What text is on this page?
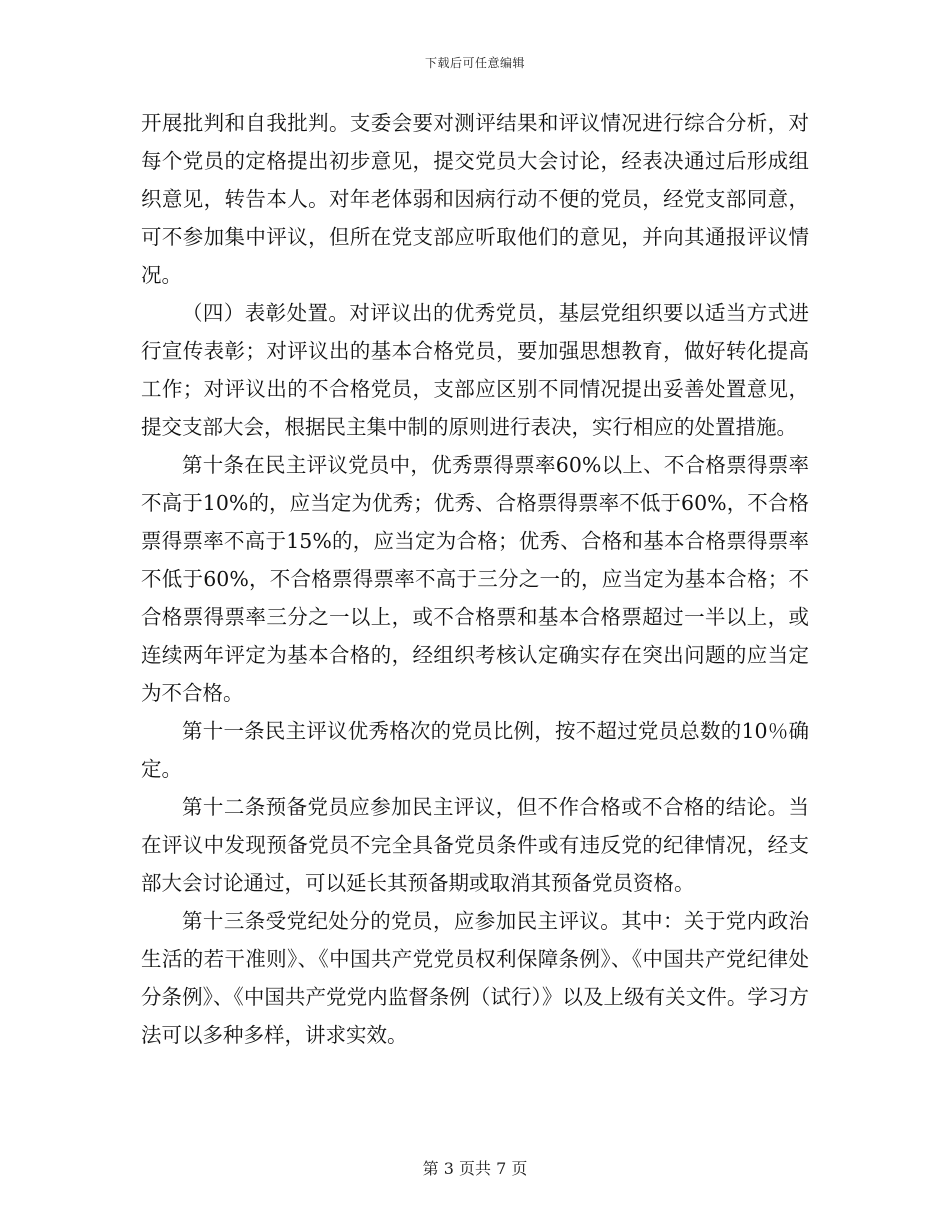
下载后可任意编辑

开展批判和自我批判。支委会要对测评结果和评议情况进行综合分析，对每个党员的定格提出初步意见，提交党员大会讨论，经表决通过后形成组织意见，转告本人。对年老体弱和因病行动不便的党员，经党支部同意，可不参加集中评议，但所在党支部应听取他们的意见，并向其通报评议情况。

（四）表彰处置。对评议出的优秀党员，基层党组织要以适当方式进行宣传表彰；对评议出的基本合格党员，要加强思想教育，做好转化提高工作；对评议出的不合格党员，支部应区别不同情况提出妥善处置意见，提交支部大会，根据民主集中制的原则进行表决，实行相应的处置措施。

第十条在民主评议党员中，优秀票得票率60%以上、不合格票得票率不高于10%的，应当定为优秀；优秀、合格票得票率不低于60%，不合格票得票率不高于15%的，应当定为合格；优秀、合格和基本合格票得票率不低于60%，不合格票得票率不高于三分之一的，应当定为基本合格；不合格票得票率三分之一以上，或不合格票和基本合格票超过一半以上，或连续两年评定为基本合格的，经组织考核认定确实存在突出问题的应当定为不合格。

第十一条民主评议优秀格次的党员比例，按不超过党员总数的10％确定。

第十二条预备党员应参加民主评议，但不作合格或不合格的结论。当在评议中发现预备党员不完全具备党员条件或有违反党的纪律情况，经支部大会讨论通过，可以延长其预备期或取消其预备党员资格。

第十三条受党纪处分的党员，应参加民主评议。其中：关于党内政治生活的若干准则》、《中国共产党党员权利保障条例》、《中国共产党纪律处分条例》、《中国共产党党内监督条例（试行）》以及上级有关文件。学习方法可以多种多样，讲求实效。

第 3 页共 7 页
